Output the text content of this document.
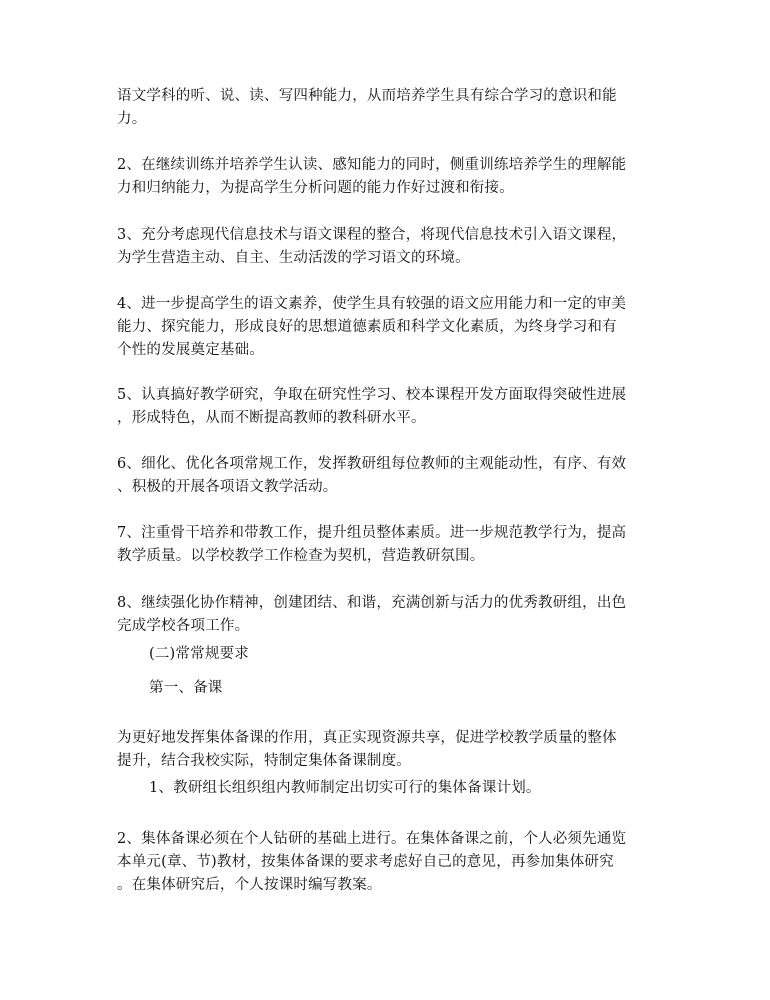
语文学科的听、说、读、写四种能力，从而培养学生具有综合学习的意识和能
力。
2、在继续训练并培养学生认读、感知能力的同时，侧重训练培养学生的理解能
力和归纳能力，为提高学生分析问题的能力作好过渡和衔接。
3、充分考虑现代信息技术与语文课程的整合，将现代信息技术引入语文课程，
为学生营造主动、自主、生动活泼的学习语文的环境。
4、进一步提高学生的语文素养，使学生具有较强的语文应用能力和一定的审美
能力、探究能力，形成良好的思想道德素质和科学文化素质，为终身学习和有
个性的发展奠定基础。
5、认真搞好教学研究，争取在研究性学习、校本课程开发方面取得突破性进展
，形成特色，从而不断提高教师的教科研水平。
6、细化、优化各项常规工作，发挥教研组每位教师的主观能动性，有序、有效
、积极的开展各项语文教学活动。
7、注重骨干培养和带教工作，提升组员整体素质。进一步规范教学行为，提高
教学质量。以学校教学工作检查为契机，营造教研氛围。
8、继续强化协作精神，创建团结、和谐，充满创新与活力的优秀教研组，出色
完成学校各项工作。
(二)常常规要求
第一、备课
为更好地发挥集体备课的作用，真正实现资源共享，促进学校教学质量的整体
提升，结合我校实际，特制定集体备课制度。
1、教研组长组织组内教师制定出切实可行的集体备课计划。
2、集体备课必须在个人钻研的基础上进行。在集体备课之前，个人必须先通览
本单元(章、节)教材，按集体备课的要求考虑好自己的意见，再参加集体研究
。在集体研究后，个人按课时编写教案。
